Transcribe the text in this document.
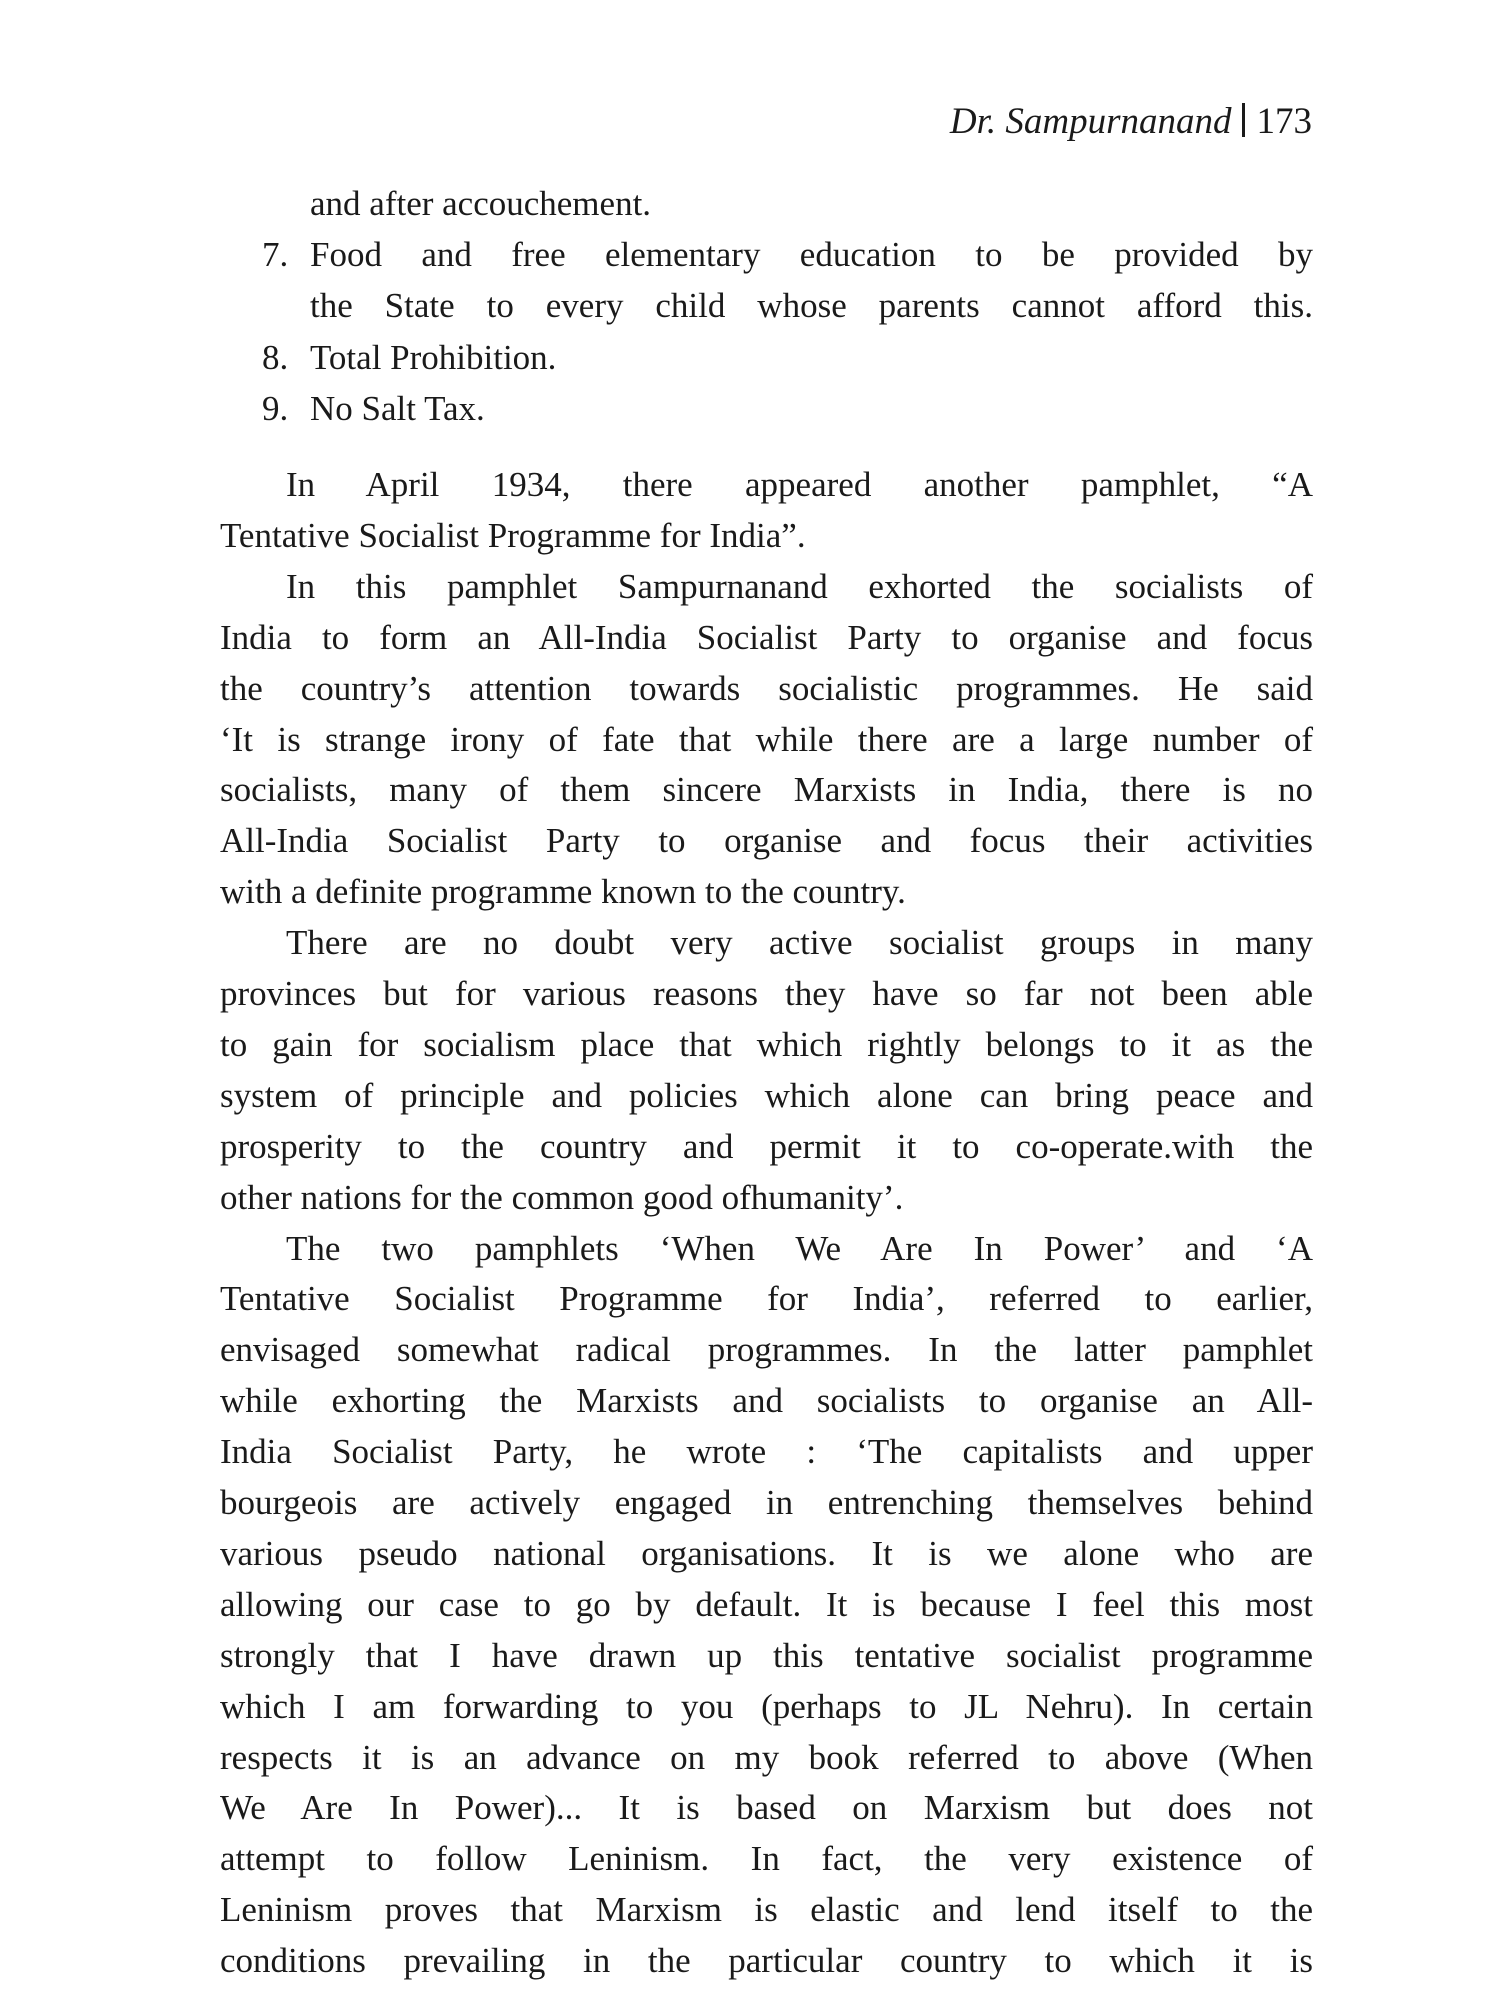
Dr. Sampurnanand 173
and after accouchement.
7. Food and free elementary education to be provided by
the State to every child whose parents cannot afford this.
8. Total Prohibition.
9. No Salt Tax.
In April 1934, there appeared another pamphlet, “A
Tentative Socialist Programme for India”.
In this pamphlet Sampurnanand exhorted the socialists of
India to form an All-India Socialist Party to organise and focus
the country’s attention towards socialistic programmes. He said
‘It is strange irony of fate that while there are a large number of
socialists, many of them sincere Marxists in India, there is no
All-India Socialist Party to organise and focus their activities
with a definite programme known to the country.
There are no doubt very active socialist groups in many
provinces but for various reasons they have so far not been able
to gain for socialism place that which rightly belongs to it as the
system of principle and policies which alone can bring peace and
prosperity to the country and permit it to co-operate.with the
other nations for the common good ofhumanity’.
The two pamphlets ‘When We Are In Power’ and ‘A
Tentative Socialist Programme for India’, referred to earlier,
envisaged somewhat radical programmes. In the latter pamphlet
while exhorting the Marxists and socialists to organise an All-
India Socialist Party, he wrote : ‘The capitalists and upper
bourgeois are actively engaged in entrenching themselves behind
various pseudo national organisations. It is we alone who are
allowing our case to go by default. It is because I feel this most
strongly that I have drawn up this tentative socialist programme
which I am forwarding to you (perhaps to JL Nehru). In certain
respects it is an advance on my book referred to above (When
We Are In Power)... It is based on Marxism but does not
attempt to follow Leninism. In fact, the very existence of
Leninism proves that Marxism is elastic and lend itself to the
conditions prevailing in the particular country to which it is
